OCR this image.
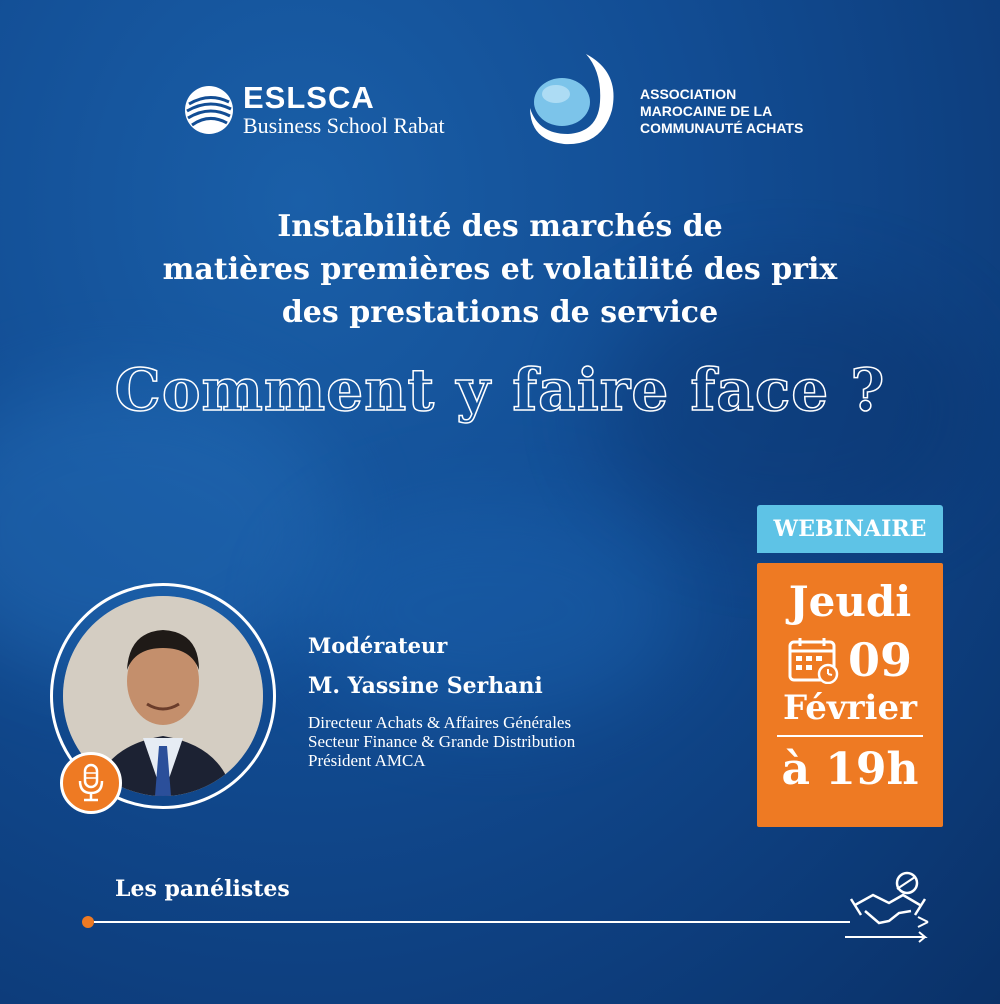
ESLSCA
Business School Rabat
ASSOCIATION
MAROCAINE DE LA
COMMUNAUTÉ ACHATS
Instabilité des marchés de
matières premières et volatilité des prix
des prestations de service
Comment y faire face ?
WEBINAIRE
Jeudi
09
Février
à 19h
Modérateur
M. Yassine Serhani
Directeur Achats & Affaires Générales
Secteur Finance & Grande Distribution
Président AMCA
Les panélistes
